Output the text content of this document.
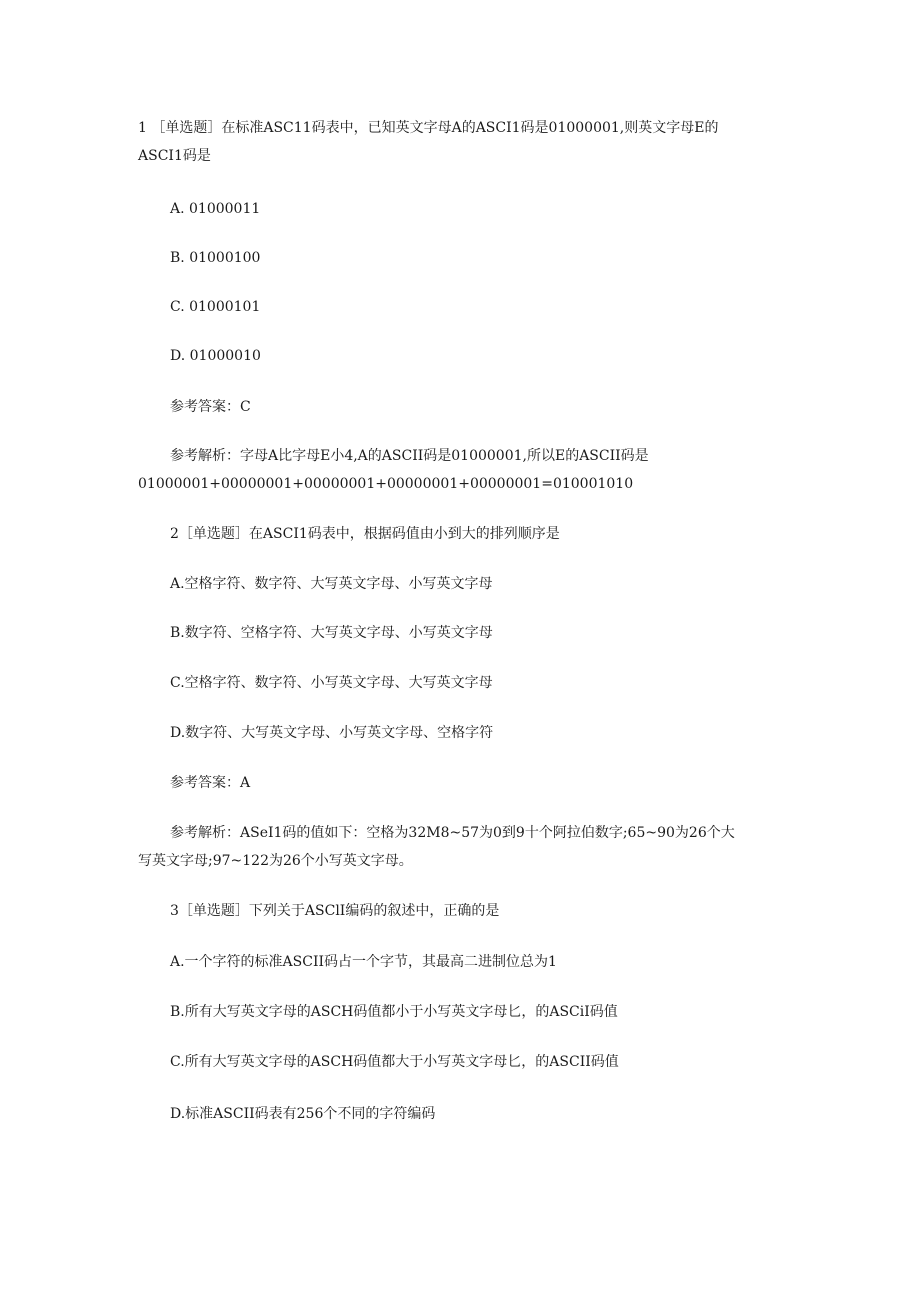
1 ［单选题］在标准ASC11码表中，已知英文字母A的ASCI1码是01000001,则英文字母E的
ASCI1码是
A. 01000011
B. 01000100
C. 01000101
D. 01000010
参考答案：C
参考解析：字母A比字母E小4,A的ASCII码是01000001,所以E的ASCII码是
01000001+00000001+00000001+00000001+00000001=010001010
2［单选题］在ASCI1码表中，根据码值由小到大的排列顺序是
A.空格字符、数字符、大写英文字母、小写英文字母
B.数字符、空格字符、大写英文字母、小写英文字母
C.空格字符、数字符、小写英文字母、大写英文字母
D.数字符、大写英文字母、小写英文字母、空格字符
参考答案：A
参考解析：ASeI1码的值如下：空格为32M8~57为0到9十个阿拉伯数字;65~90为26个大
写英文字母;97~122为26个小写英文字母。
3［单选题］下列关于ASClI编码的叙述中，正确的是
A.一个字符的标准ASCII码占一个字节，其最高二进制位总为1
B.所有大写英文字母的ASCH码值都小于小写英文字母匕，的ASCiI码值
C.所有大写英文字母的ASCH码值都大于小写英文字母匕，的ASCII码值
D.标准ASCII码表有256个不同的字符编码
